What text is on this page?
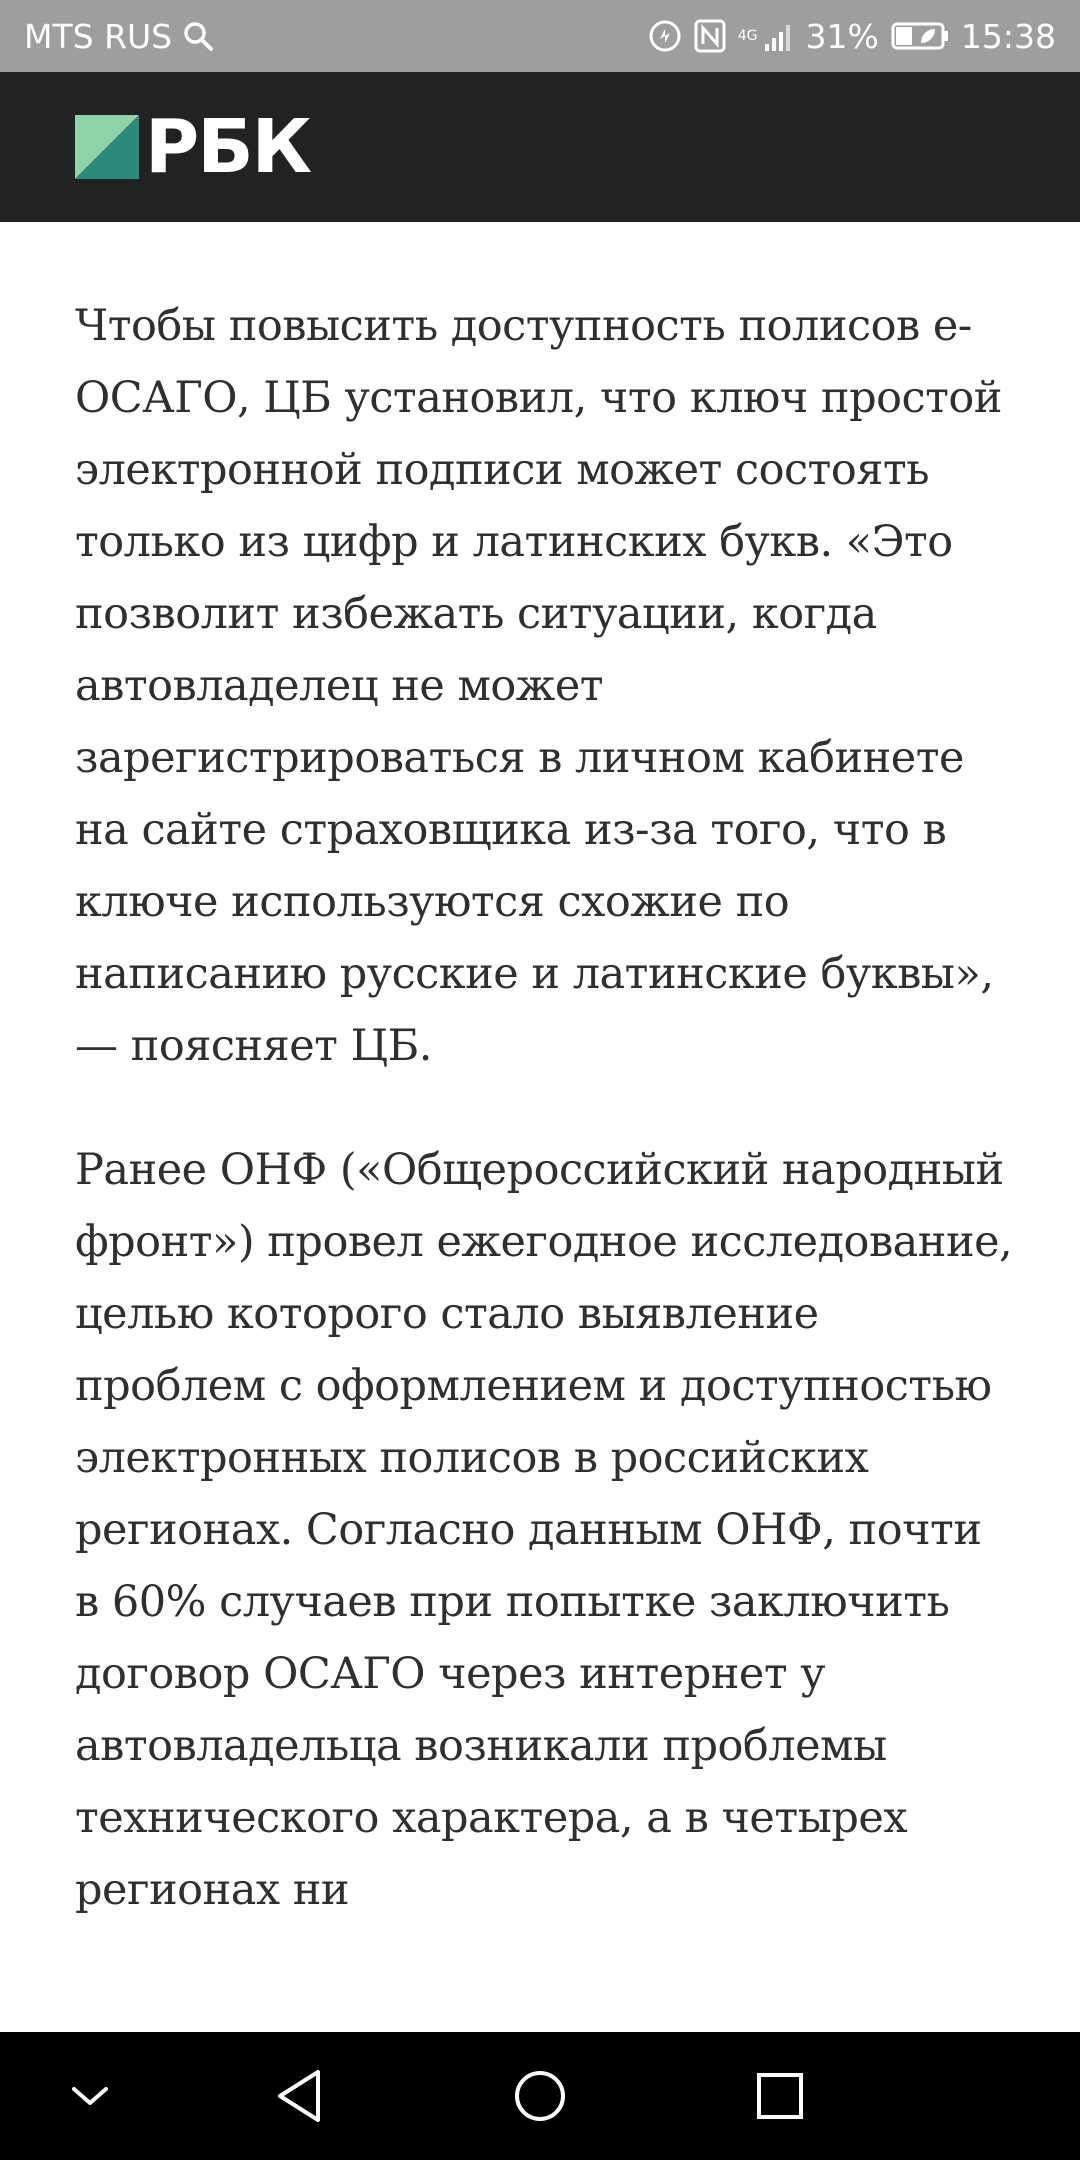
MTS RUS	4G 31% 15:38
РБК

Чтобы повысить доступность полисов е-ОСАГО, ЦБ установил, что ключ простой электронной подписи может состоять только из цифр и латинских букв. «Это позволит избежать ситуации, когда автовладелец не может зарегистрироваться в личном кабинете на сайте страховщика из-за того, что в ключе используются схожие по написанию русские и латинские буквы», — поясняет ЦБ.

Ранее ОНФ («Общероссийский народный фронт») провел ежегодное исследование, целью которого стало выявление проблем с оформлением и доступностью электронных полисов в российских регионах. Согласно данным ОНФ, почти в 60% случаев при попытке заключить договор ОСАГО через интернет у автовладельца возникали проблемы технического характера, а в четырех регионах ни
